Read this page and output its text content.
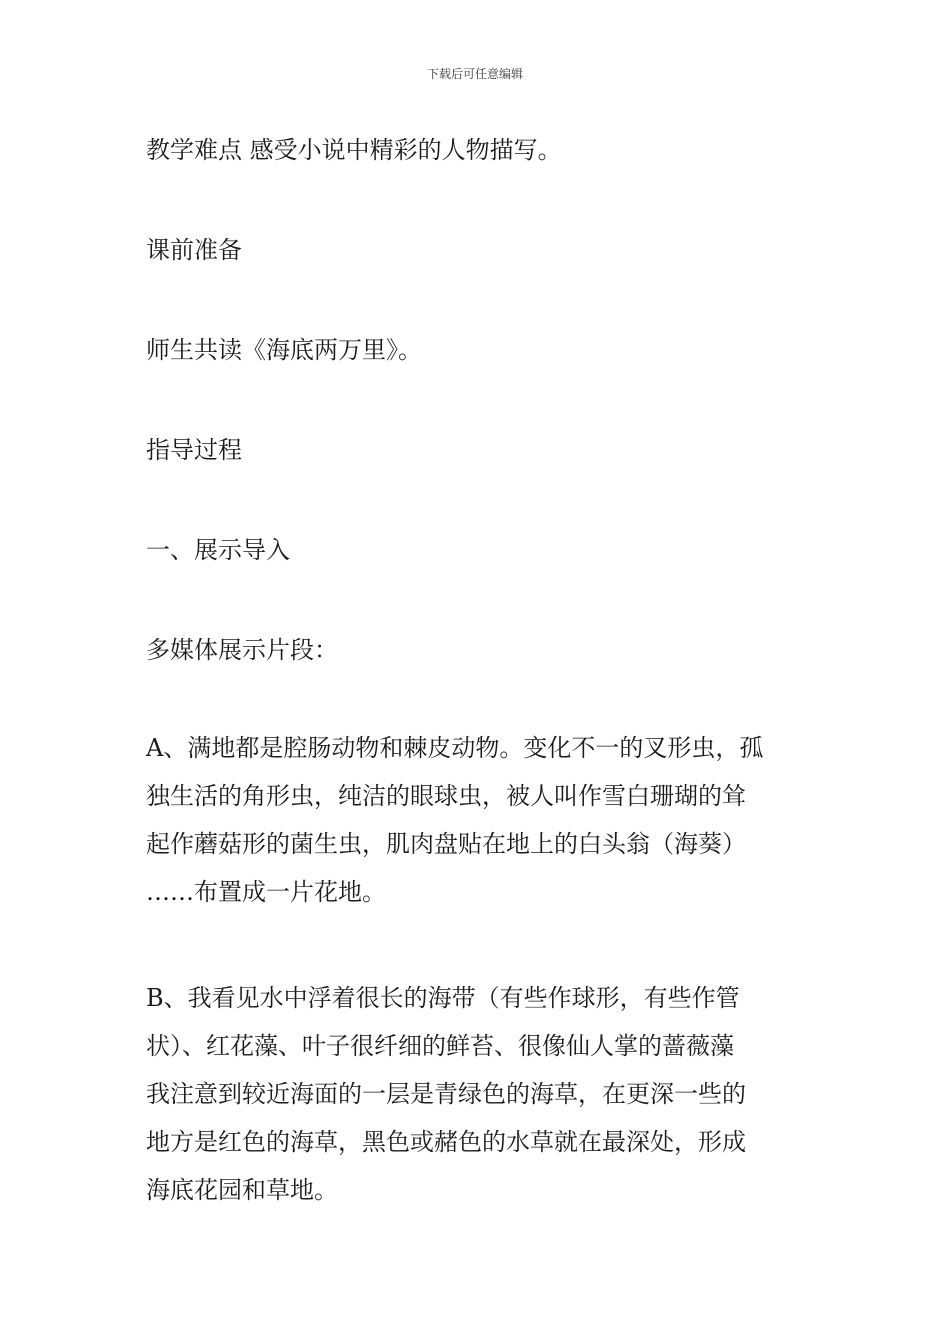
下载后可任意编辑

教学难点 感受小说中精彩的人物描写。

课前准备

师生共读《海底两万里》。

指导过程

一、展示导入

多媒体展示片段：

A、满地都是腔肠动物和棘皮动物。变化不一的叉形虫，孤
独生活的角形虫，纯洁的眼球虫，被人叫作雪白珊瑚的耸
起作蘑菇形的菌生虫，肌肉盘贴在地上的白头翁（海葵）
……布置成一片花地。

B、我看见水中浮着很长的海带（有些作球形，有些作管
状）、红花藻、叶子很纤细的鲜苔、很像仙人掌的蔷薇藻
我注意到较近海面的一层是青绿色的海草，在更深一些的
地方是红色的海草，黑色或赭色的水草就在最深处，形成
海底花园和草地。
